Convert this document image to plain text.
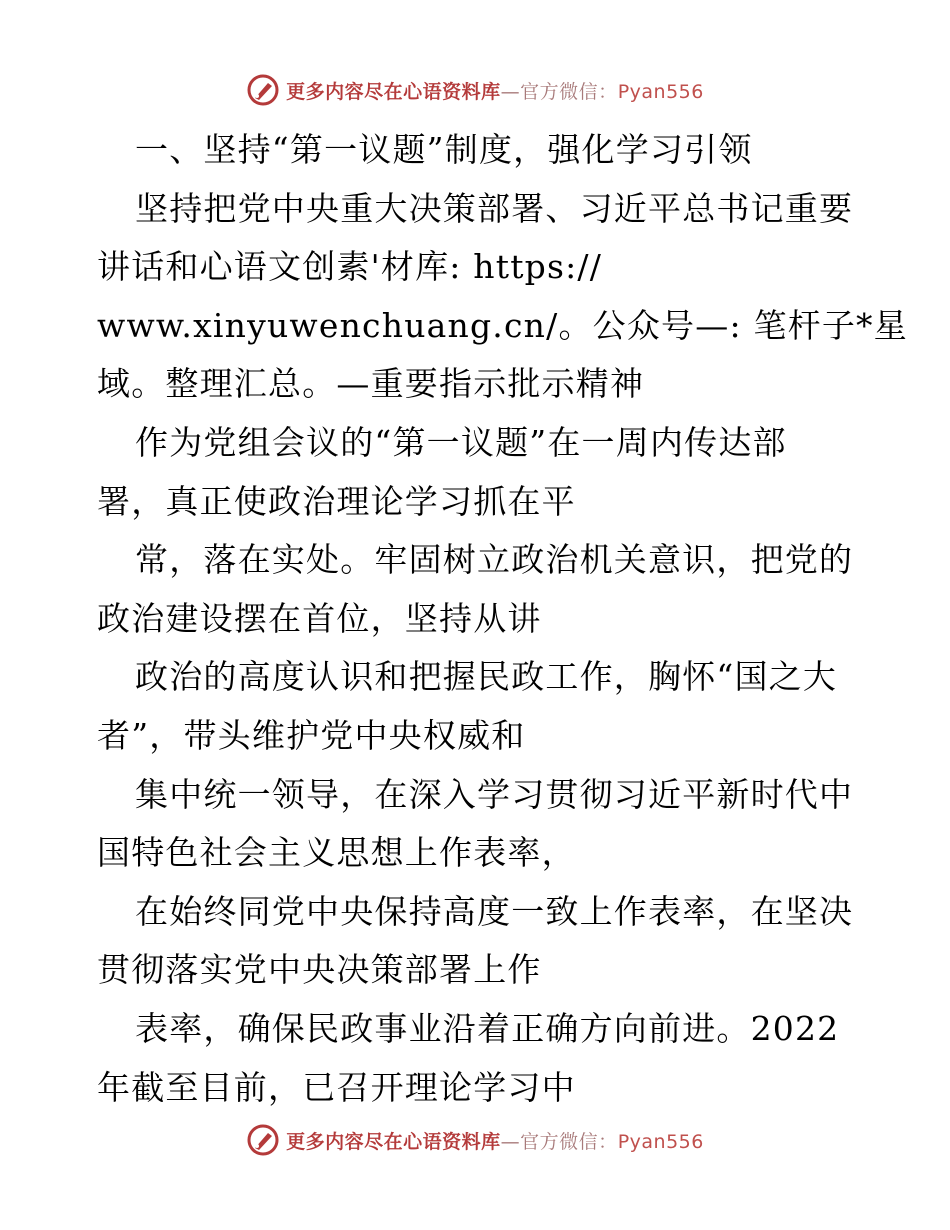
更多内容尽在心语资料库—官方微信：Pyan556
一、坚持“第一议题”制度，强化学习引领
坚持把党中央重大决策部署、习近平总书记重要
讲话和心语文创素'材库: https://
www.xinyuwenchuang.cn/。公众号—: 笔杆子*星
域。整理汇总。—重要指示批示精神
作为党组会议的“第一议题”在一周内传达部
署，真正使政治理论学习抓在平
常，落在实处。牢固树立政治机关意识，把党的
政治建设摆在首位，坚持从讲
政治的高度认识和把握民政工作，胸怀“国之大
者”，带头维护党中央权威和
集中统一领导，在深入学习贯彻习近平新时代中
国特色社会主义思想上作表率，
在始终同党中央保持高度一致上作表率，在坚决
贯彻落实党中央决策部署上作
表率，确保民政事业沿着正确方向前进。2022
年截至目前，已召开理论学习中
更多内容尽在心语资料库—官方微信：Pyan556
